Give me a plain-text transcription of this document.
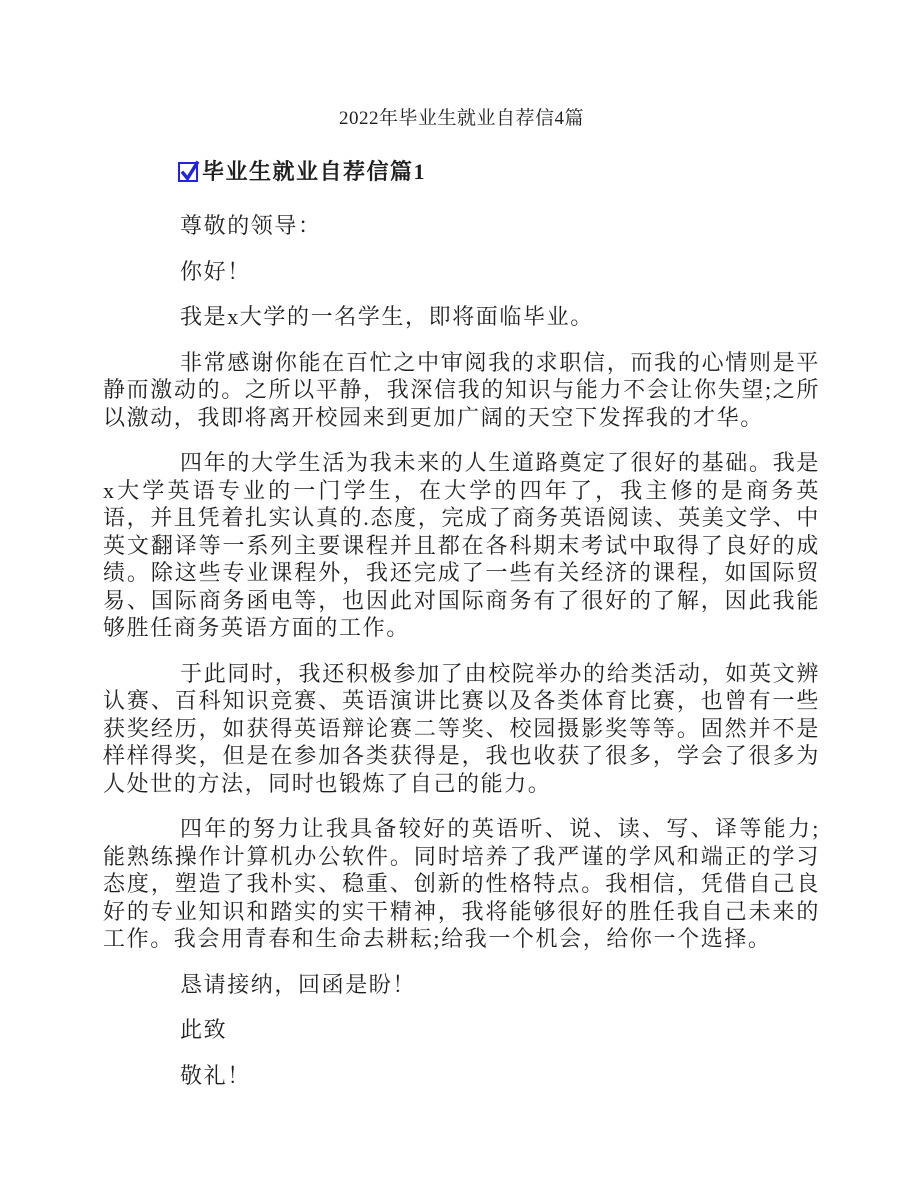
2022年毕业生就业自荐信4篇
毕业生就业自荐信篇1

尊敬的领导：

你好！

我是x大学的一名学生，即将面临毕业。

非常感谢你能在百忙之中审阅我的求职信，而我的心情则是平静而激动的。之所以平静，我深信我的知识与能力不会让你失望;之所以激动，我即将离开校园来到更加广阔的天空下发挥我的才华。

四年的大学生活为我未来的人生道路奠定了很好的基础。我是x大学英语专业的一门学生，在大学的四年了，我主修的是商务英语，并且凭着扎实认真的.态度，完成了商务英语阅读、英美文学、中英文翻译等一系列主要课程并且都在各科期末考试中取得了良好的成绩。除这些专业课程外，我还完成了一些有关经济的课程，如国际贸易、国际商务函电等，也因此对国际商务有了很好的了解，因此我能够胜任商务英语方面的工作。

于此同时，我还积极参加了由校院举办的给类活动，如英文辨认赛、百科知识竞赛、英语演讲比赛以及各类体育比赛，也曾有一些获奖经历，如获得英语辩论赛二等奖、校园摄影奖等等。固然并不是样样得奖，但是在参加各类获得是，我也收获了很多，学会了很多为人处世的方法，同时也锻炼了自己的能力。

四年的努力让我具备较好的英语听、说、读、写、译等能力;能熟练操作计算机办公软件。同时培养了我严谨的学风和端正的学习态度，塑造了我朴实、稳重、创新的性格特点。我相信，凭借自己良好的专业知识和踏实的实干精神，我将能够很好的胜任我自己未来的工作。我会用青春和生命去耕耘;给我一个机会，给你一个选择。

恳请接纳，回函是盼！

此致

敬礼！
